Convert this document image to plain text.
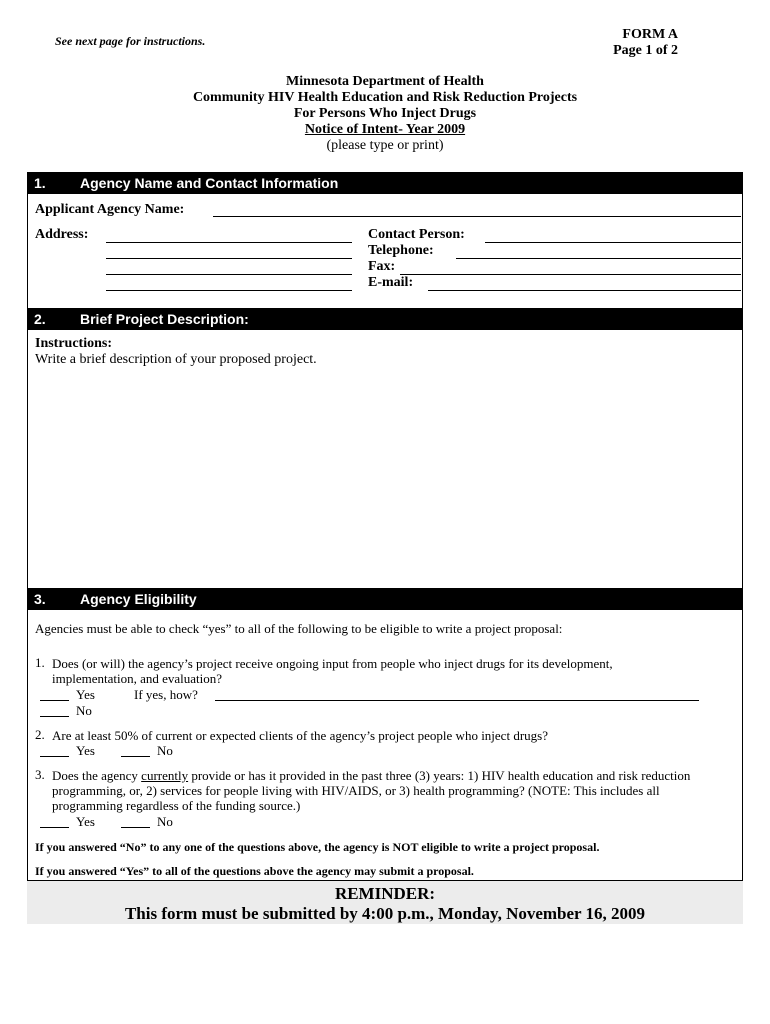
See next page for instructions.	FORM A
Page 1 of 2
Minnesota Department of Health
Community HIV Health Education and Risk Reduction Projects
For Persons Who Inject Drugs
Notice of Intent- Year 2009
(please type or print)
1. Agency Name and Contact Information
Applicant Agency Name:
Address:	Contact Person:
Telephone:
Fax:
E-mail:
2. Brief Project Description:
Instructions:
Write a brief description of your proposed project.
3. Agency Eligibility
Agencies must be able to check “yes” to all of the following to be eligible to write a project proposal:
1. Does (or will) the agency’s project receive ongoing input from people who inject drugs for its development,
implementation, and evaluation?
Yes	If yes, how?
No
2. Are at least 50% of current or expected clients of the agency’s project people who inject drugs?
Yes	No
3. Does the agency currently provide or has it provided in the past three (3) years: 1) HIV health education and risk reduction
programming, or, 2) services for people living with HIV/AIDS, or 3) health programming? (NOTE: This includes all
programming regardless of the funding source.)
Yes	No
If you answered “No” to any one of the questions above, the agency is NOT eligible to write a project proposal.
If you answered “Yes” to all of the questions above the agency may submit a proposal.
REMINDER:
This form must be submitted by 4:00 p.m., Monday, November 16, 2009
